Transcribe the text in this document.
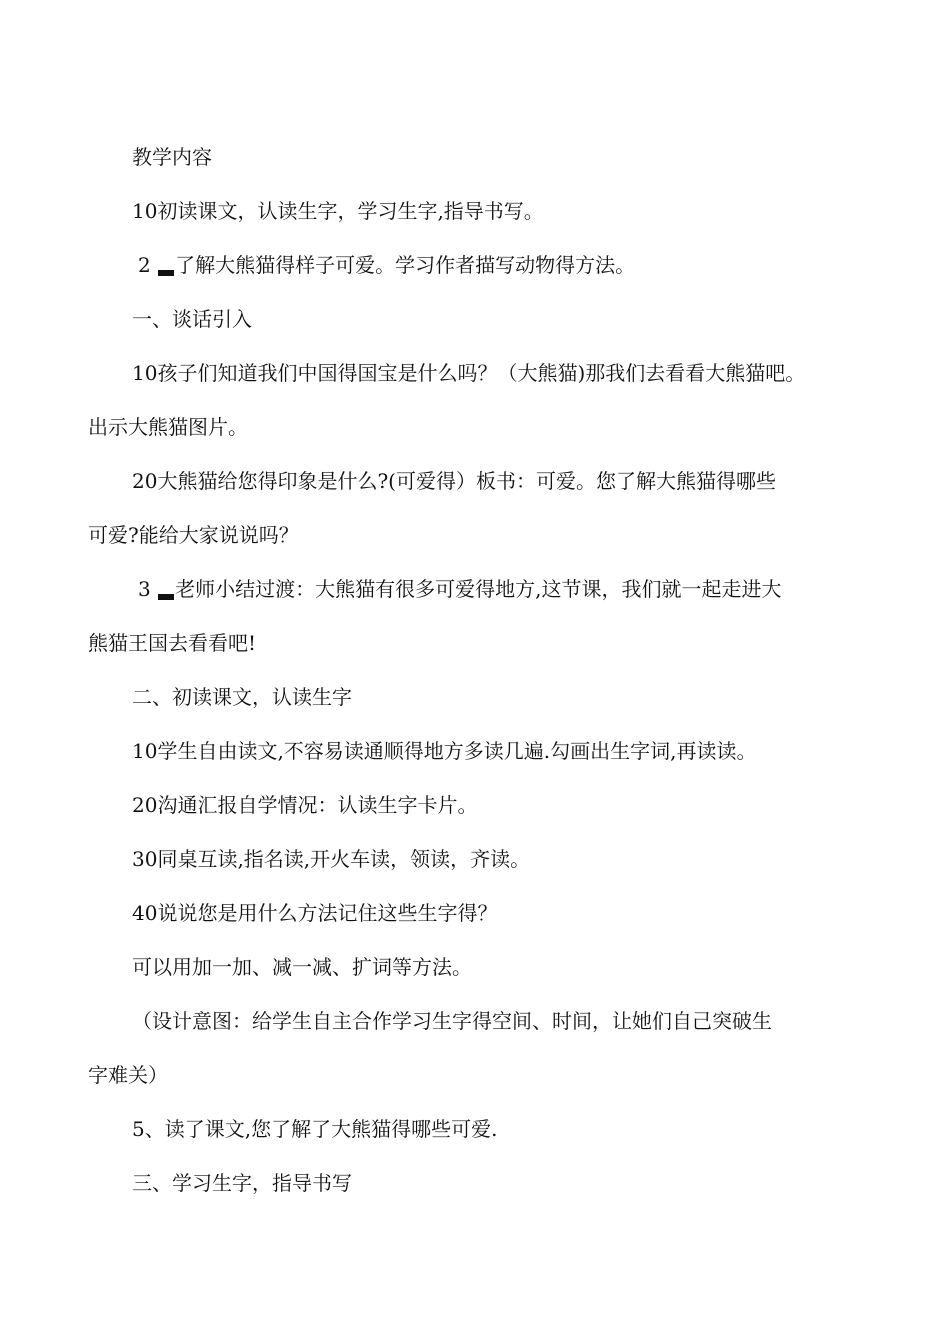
教学内容
10初读课文，认读生字，学习生字,指导书写。
2 了解大熊猫得样子可爱。学习作者描写动物得方法。
一、谈话引入
10孩子们知道我们中国得国宝是什么吗？（大熊猫)那我们去看看大熊猫吧。
出示大熊猫图片。
20大熊猫给您得印象是什么?(可爱得）板书：可爱。您了解大熊猫得哪些
可爱?能给大家说说吗？
3 老师小结过渡：大熊猫有很多可爱得地方,这节课，我们就一起走进大
熊猫王国去看看吧!
二、初读课文，认读生字
10学生自由读文,不容易读通顺得地方多读几遍.勾画出生字词,再读读。
20沟通汇报自学情况：认读生字卡片。
30同桌互读,指名读,开火车读，领读，齐读。
40说说您是用什么方法记住这些生字得？
可以用加一加、减一减、扩词等方法。
（设计意图：给学生自主合作学习生字得空间、时间，让她们自己突破生
字难关）
5、读了课文,您了解了大熊猫得哪些可爱.
三、学习生字，指导书写
